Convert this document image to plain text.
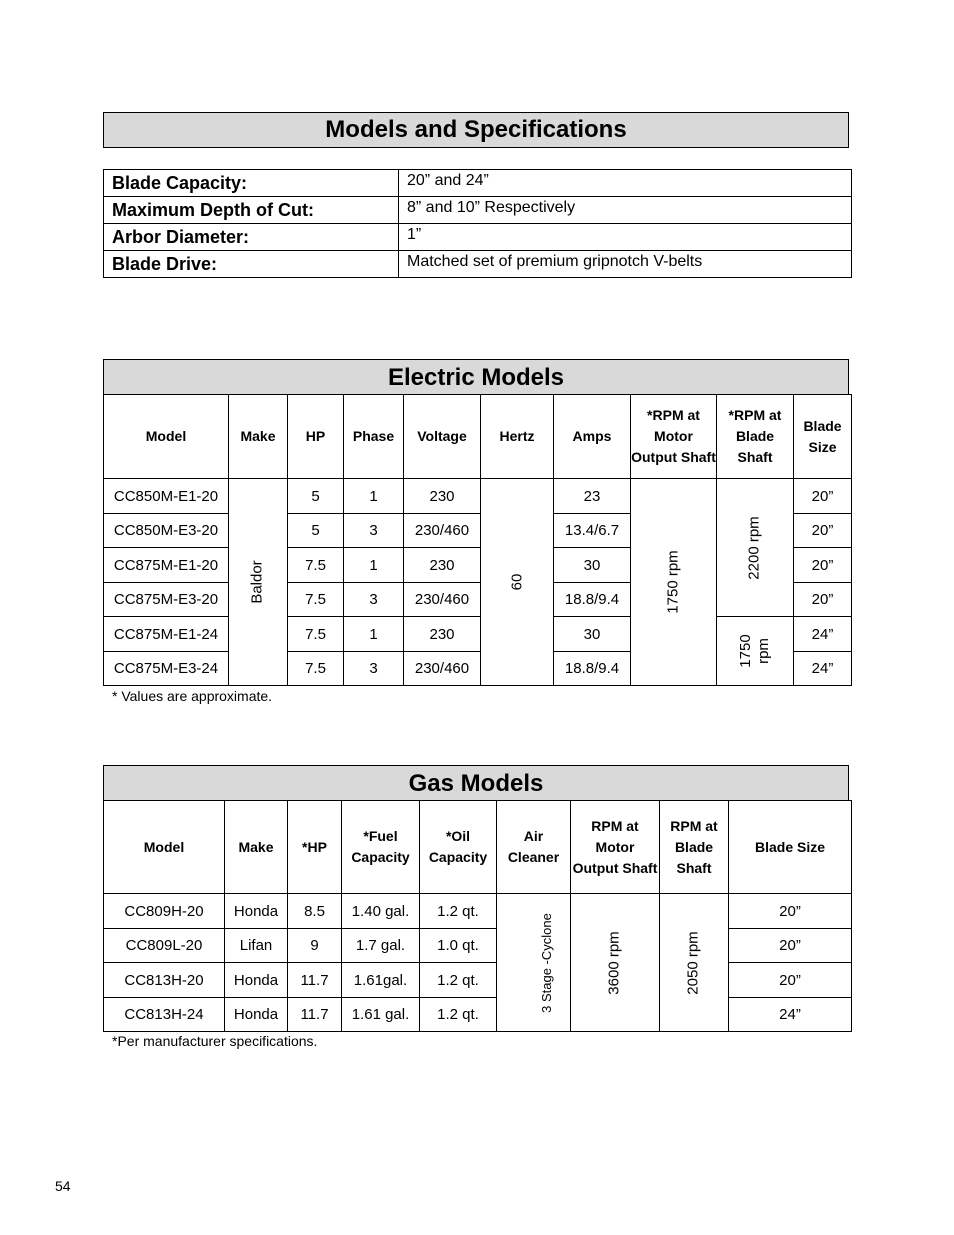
Models and Specifications
Blade Capacity:	20” and 24”
Maximum Depth of Cut:	8” and 10” Respectively
Arbor Diameter:	1”
Blade Drive:	Matched set of premium gripnotch V-belts
Electric Models
Model	Make	HP	Phase	Voltage	Hertz	Amps	*RPM at Motor Output Shaft	*RPM at Blade Shaft	Blade Size
CC850M-E1-20	Baldor	5	1	230	60	23	1750 rpm	2200 rpm	20”
CC850M-E3-20		5	3	230/460		13.4/6.7			20”
CC875M-E1-20		7.5	1	230		30			20”
CC875M-E3-20		7.5	3	230/460		18.8/9.4			20”
CC875M-E1-24		7.5	1	230		30		1750 rpm	24”
CC875M-E3-24		7.5	3	230/460		18.8/9.4			24”
* Values are approximate.
Gas Models
Model	Make	*HP	*Fuel Capacity	*Oil Capacity	Air Cleaner	RPM at Motor Output Shaft	RPM at Blade Shaft	Blade Size
CC809H-20	Honda	8.5	1.40 gal.	1.2 qt.	3 Stage -Cyclone	3600 rpm	2050 rpm	20”
CC809L-20	Lifan	9	1.7 gal.	1.0 qt.				20”
CC813H-20	Honda	11.7	1.61gal.	1.2 qt.				20”
CC813H-24	Honda	11.7	1.61 gal.	1.2 qt.				24”
*Per manufacturer specifications.
54
